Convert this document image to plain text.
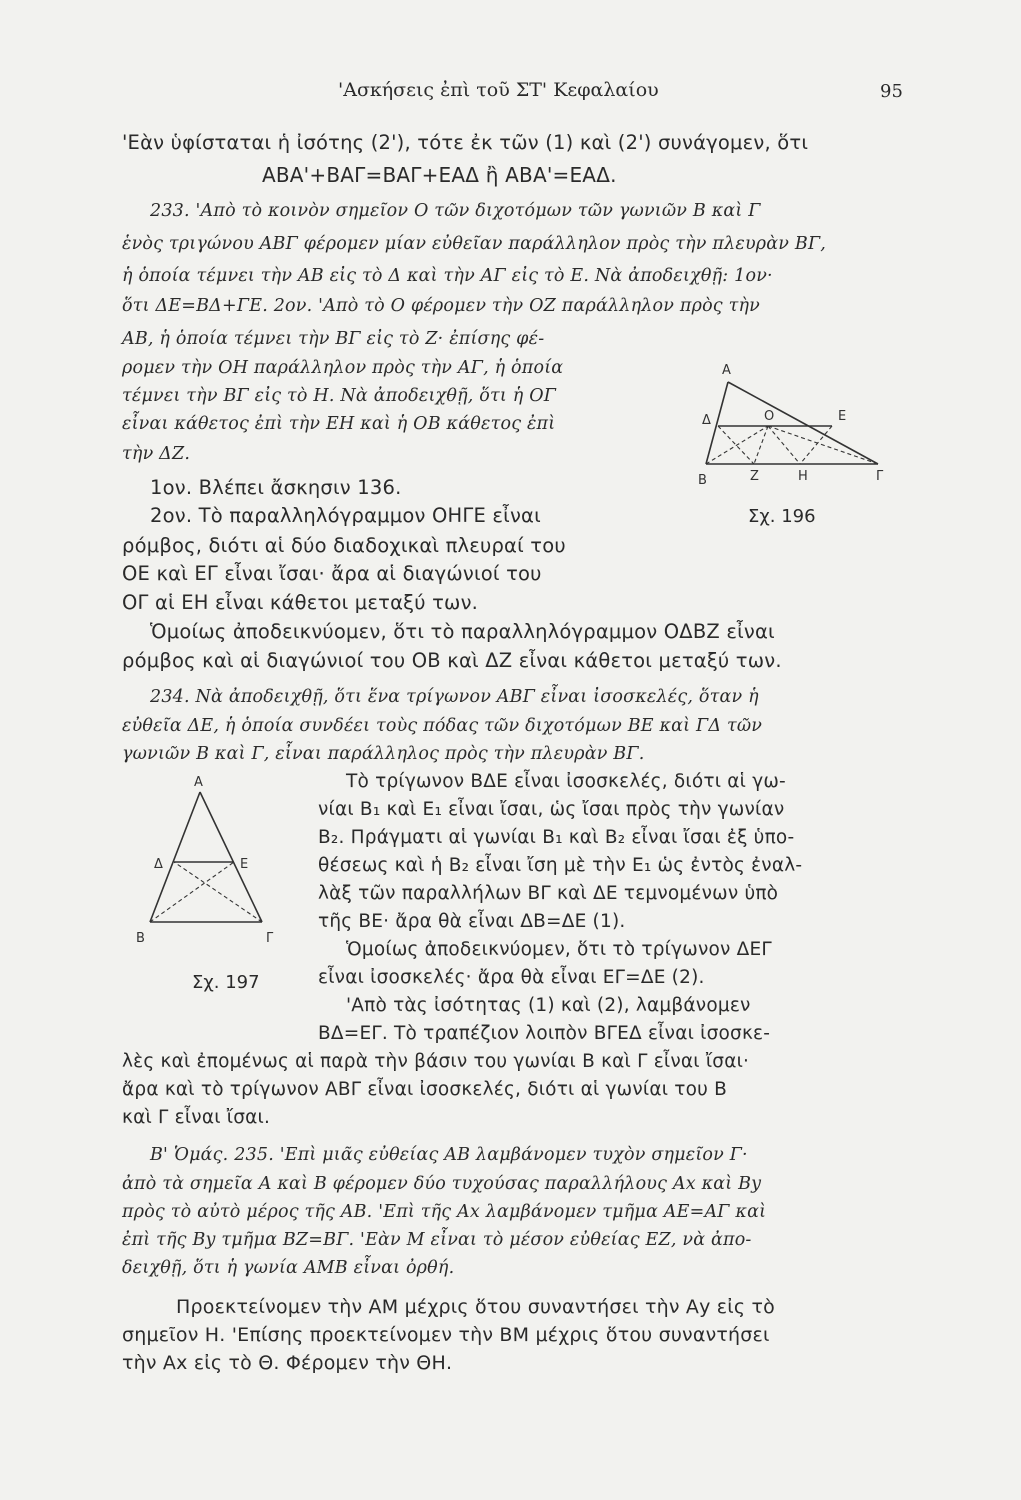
'Ασκήσεις ἐπὶ τοῦ ΣΤ' Κεφαλαίου	95
'Εὰν ὑφίσταται ἡ ἰσότης (2'), τότε ἐκ τῶν (1) καὶ (2') συνάγομεν, ὅτι
ΑΒΑ'+ΒΑΓ=ΒΑΓ+ΕΑΔ ἢ ΑΒΑ'=ΕΑΔ.
233. 'Απὸ τὸ κοινὸν σημεῖον Ο τῶν διχοτόμων τῶν γωνιῶν Β καὶ Γ
ἑνὸς τριγώνου ΑΒΓ φέρομεν μίαν εὐθεῖαν παράλληλον πρὸς τὴν πλευρὰν ΒΓ,
ἡ ὁποία τέμνει τὴν ΑΒ εἰς τὸ Δ καὶ τὴν ΑΓ εἰς τὸ Ε. Νὰ ἀποδειχθῇ: 1ον·
ὅτι ΔΕ=ΒΔ+ΓΕ. 2ον. 'Απὸ τὸ Ο φέρομεν τὴν ΟΖ παράλληλον πρὸς τὴν
ΑΒ, ἡ ὁποία τέμνει τὴν ΒΓ εἰς τὸ Ζ· ἐπίσης φέ-
ρομεν τὴν ΟΗ παράλληλον πρὸς τὴν ΑΓ, ἡ ὁποία
τέμνει τὴν ΒΓ εἰς τὸ Η. Νὰ ἀποδειχθῇ, ὅτι ἡ ΟΓ
εἶναι κάθετος ἐπὶ τὴν ΕΗ καὶ ἡ ΟΒ κάθετος ἐπὶ
τὴν ΔΖ.
1ον. Βλέπει ἄσκησιν 136.
2ον. Τὸ παραλληλόγραμμον ΟΗΓΕ εἶναι
ρόμβος, διότι αἱ δύο διαδοχικαὶ πλευραί του
ΟΕ καὶ ΕΓ εἶναι ἴσαι· ἄρα αἱ διαγώνιοί του
ΟΓ αἱ ΕΗ εἶναι κάθετοι μεταξύ των.
Ὁμοίως ἀποδεικνύομεν, ὅτι τὸ παραλληλόγραμμον ΟΔΒΖ εἶναι
ρόμβος καὶ αἱ διαγώνιοί του ΟΒ καὶ ΔΖ εἶναι κάθετοι μεταξύ των.
234. Νὰ ἀποδειχθῇ, ὅτι ἕνα τρίγωνον ΑΒΓ εἶναι ἰσοσκελές, ὅταν ἡ
εὐθεῖα ΔΕ, ἡ ὁποία συνδέει τοὺς πόδας τῶν διχοτόμων ΒΕ καὶ ΓΔ τῶν
γωνιῶν Β καὶ Γ, εἶναι παράλληλος πρὸς τὴν πλευρὰν ΒΓ.
Τὸ τρίγωνον ΒΔΕ εἶναι ἰσοσκελές, διότι αἱ γω-
νίαι Β₁ καὶ Ε₁ εἶναι ἴσαι, ὡς ἴσαι πρὸς τὴν γωνίαν
Β₂. Πράγματι αἱ γωνίαι Β₁ καὶ Β₂ εἶναι ἴσαι ἐξ ὑπο-
θέσεως καὶ ἡ Β₂ εἶναι ἴση μὲ τὴν Ε₁ ὡς ἐντὸς ἐναλ-
λὰξ τῶν παραλλήλων ΒΓ καὶ ΔΕ τεμνομένων ὑπὸ
τῆς ΒΕ· ἄρα θὰ εἶναι ΔΒ=ΔΕ (1).
Ὁμοίως ἀποδεικνύομεν, ὅτι τὸ τρίγωνον ΔΕΓ
εἶναι ἰσοσκελές· ἄρα θὰ εἶναι ΕΓ=ΔΕ (2).
'Απὸ τὰς ἰσότητας (1) καὶ (2), λαμβάνομεν
ΒΔ=ΕΓ. Τὸ τραπέζιον λοιπὸν ΒΓΕΔ εἶναι ἰσοσκε-
λὲς καὶ ἐπομένως αἱ παρὰ τὴν βάσιν του γωνίαι Β καὶ Γ εἶναι ἴσαι·
ἄρα καὶ τὸ τρίγωνον ΑΒΓ εἶναι ἰσοσκελές, διότι αἱ γωνίαι του Β
καὶ Γ εἶναι ἴσαι.
Β' Ὁμάς. 235. 'Επὶ μιᾶς εὐθείας ΑΒ λαμβάνομεν τυχὸν σημεῖον Γ·
ἀπὸ τὰ σημεῖα Α καὶ Β φέρομεν δύο τυχούσας παραλλήλους Αx καὶ Βy
πρὸς τὸ αὐτὸ μέρος τῆς ΑΒ. 'Επὶ τῆς Αx λαμβάνομεν τμῆμα ΑΕ=ΑΓ καὶ
ἐπὶ τῆς Βy τμῆμα ΒΖ=ΒΓ. 'Εὰν Μ εἶναι τὸ μέσον εὐθείας ΕΖ, νὰ ἀπο-
δειχθῇ, ὅτι ἡ γωνία ΑΜΒ εἶναι ὀρθή.
Προεκτείνομεν τὴν ΑΜ μέχρις ὅτου συναντήσει τὴν Αy εἰς τὸ
σημεῖον Η. 'Επίσης προεκτείνομεν τὴν ΒΜ μέχρις ὅτου συναντήσει
τὴν Αx εἰς τὸ Θ. Φέρομεν τὴν ΘΗ.
Α
Δ	Ο	Ε
Β	Ζ	Η	Γ
Σχ. 196
Α
Δ	Ε
Β	Γ
Σχ. 197
